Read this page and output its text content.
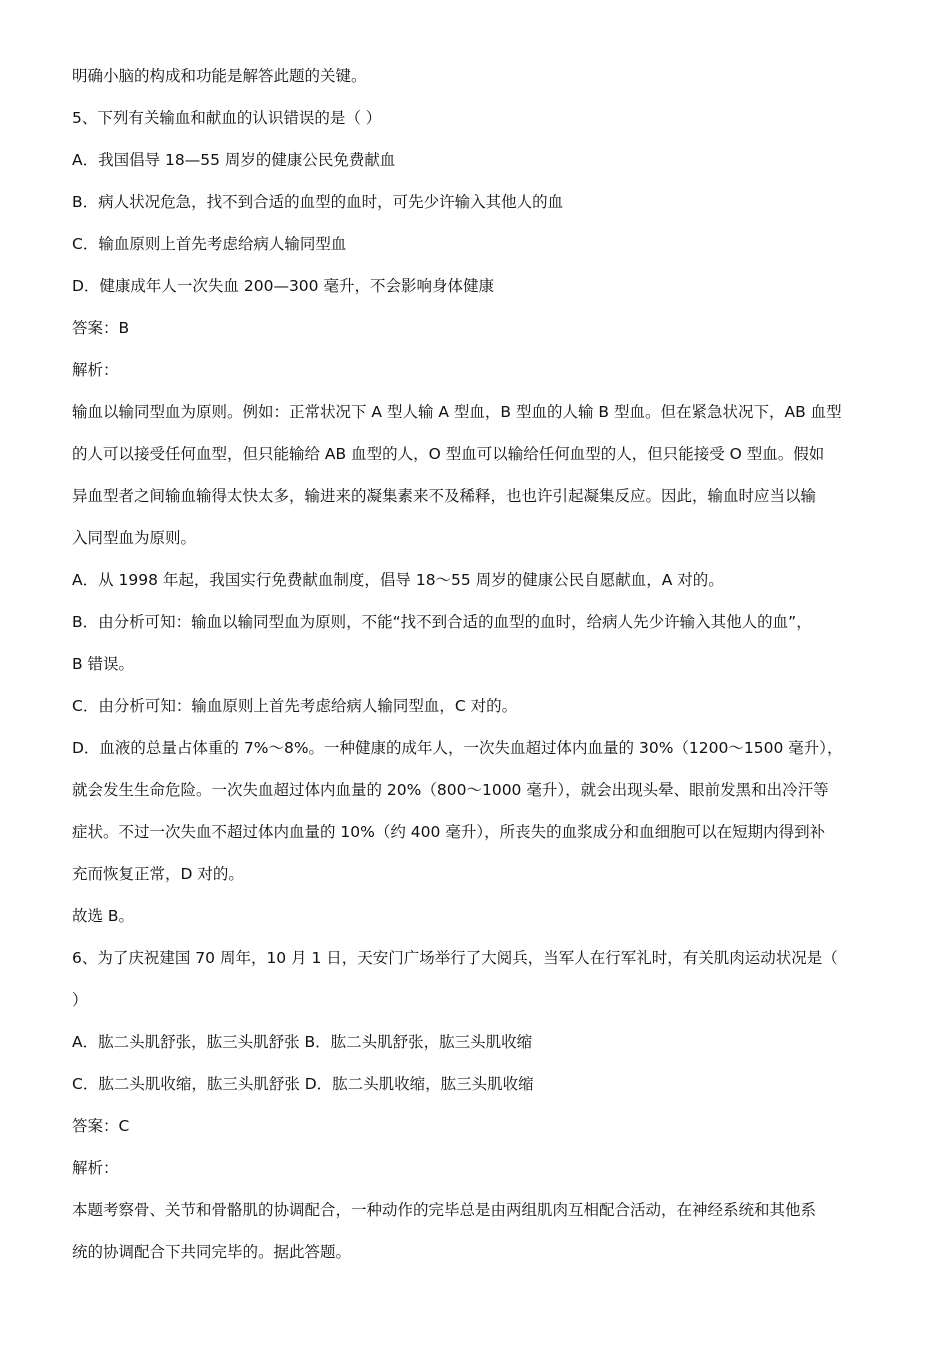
明确小脑的构成和功能是解答此题的关键。

5、下列有关输血和献血的认识错误的是（ ）

A．我国倡导 18—55 周岁的健康公民免费献血

B．病人状况危急，找不到合适的血型的血时，可先少许输入其他人的血

C．输血原则上首先考虑给病人输同型血

D．健康成年人一次失血 200—300 毫升，不会影响身体健康

答案：B

解析：

输血以输同型血为原则。例如：正常状况下 A 型人输 A 型血，B 型血的人输 B 型血。但在紧急状况下，AB 血型

的人可以接受任何血型，但只能输给 AB 血型的人，O 型血可以输给任何血型的人，但只能接受 O 型血。假如

异血型者之间输血输得太快太多，输进来的凝集素来不及稀释，也也许引起凝集反应。因此，输血时应当以输

入同型血为原则。

A．从 1998 年起，我国实行免费献血制度，倡导 18～55 周岁的健康公民自愿献血，A 对的。

B．由分析可知：输血以输同型血为原则，不能“找不到合适的血型的血时，给病人先少许输入其他人的血”，

B 错误。

C．由分析可知：输血原则上首先考虑给病人输同型血，C 对的。

D．血液的总量占体重的 7%～8%。一种健康的成年人，一次失血超过体内血量的 30%（1200～1500 毫升），

就会发生生命危险。一次失血超过体内血量的 20%（800～1000 毫升），就会出现头晕、眼前发黑和出冷汗等

症状。不过一次失血不超过体内血量的 10%（约 400 毫升），所丧失的血浆成分和血细胞可以在短期内得到补

充而恢复正常，D 对的。

故选 B。

6、为了庆祝建国 70 周年，10 月 1 日，天安门广场举行了大阅兵，当军人在行军礼时，有关肌肉运动状况是（

）

A．肱二头肌舒张，肱三头肌舒张 B．肱二头肌舒张，肱三头肌收缩

C．肱二头肌收缩，肱三头肌舒张 D．肱二头肌收缩，肱三头肌收缩

答案：C

解析：

本题考察骨、关节和骨骼肌的协调配合，一种动作的完毕总是由两组肌肉互相配合活动，在神经系统和其他系

统的协调配合下共同完毕的。据此答题。
